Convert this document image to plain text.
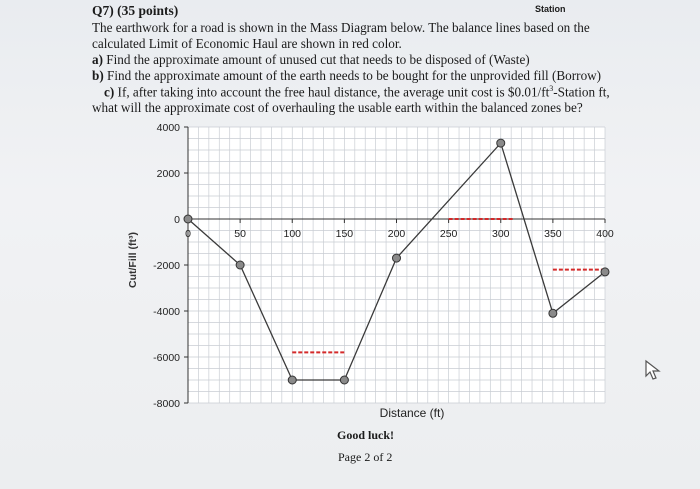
Q7) (35 points)	Station
The earthwork for a road is shown in the Mass Diagram below. The balance lines based on the
calculated Limit of Economic Haul are shown in red color.
a) Find the approximate amount of unused cut that needs to be disposed of (Waste)
b) Find the approximate amount of the earth needs to be bought for the unprovided fill (Borrow)
c) If, after taking into account the free haul distance, the average unit cost is $\$0.01/ft^3$-Station ft,
what will the approximate cost of overhauling the usable earth within the balanced zones be?
4000
2000
0
-2000
-4000
-6000
-8000
0	50	100	150	200	250	300	350	400
Cut/Fill (ft³)
Distance (ft)
Good luck!
Page 2 of 2
